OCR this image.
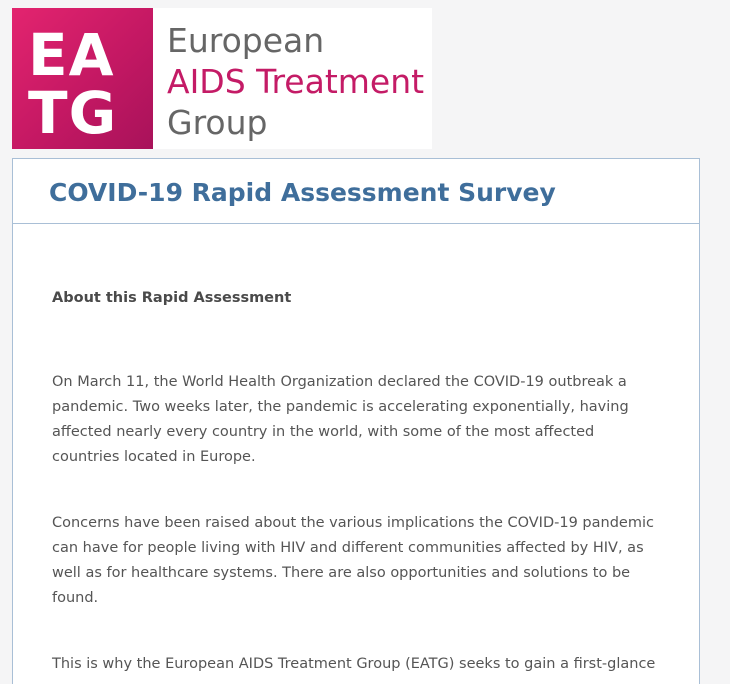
EA
TG
European
AIDS Treatment
Group
COVID-19 Rapid Assessment Survey

About this Rapid Assessment

On March 11, the World Health Organization declared the COVID-19 outbreak a pandemic. Two weeks later, the pandemic is accelerating exponentially, having affected nearly every country in the world, with some of the most affected countries located in Europe.

Concerns have been raised about the various implications the COVID-19 pandemic can have for people living with HIV and different communities affected by HIV, as well as for healthcare systems. There are also opportunities and solutions to be found.

This is why the European AIDS Treatment Group (EATG) seeks to gain a first-glance
